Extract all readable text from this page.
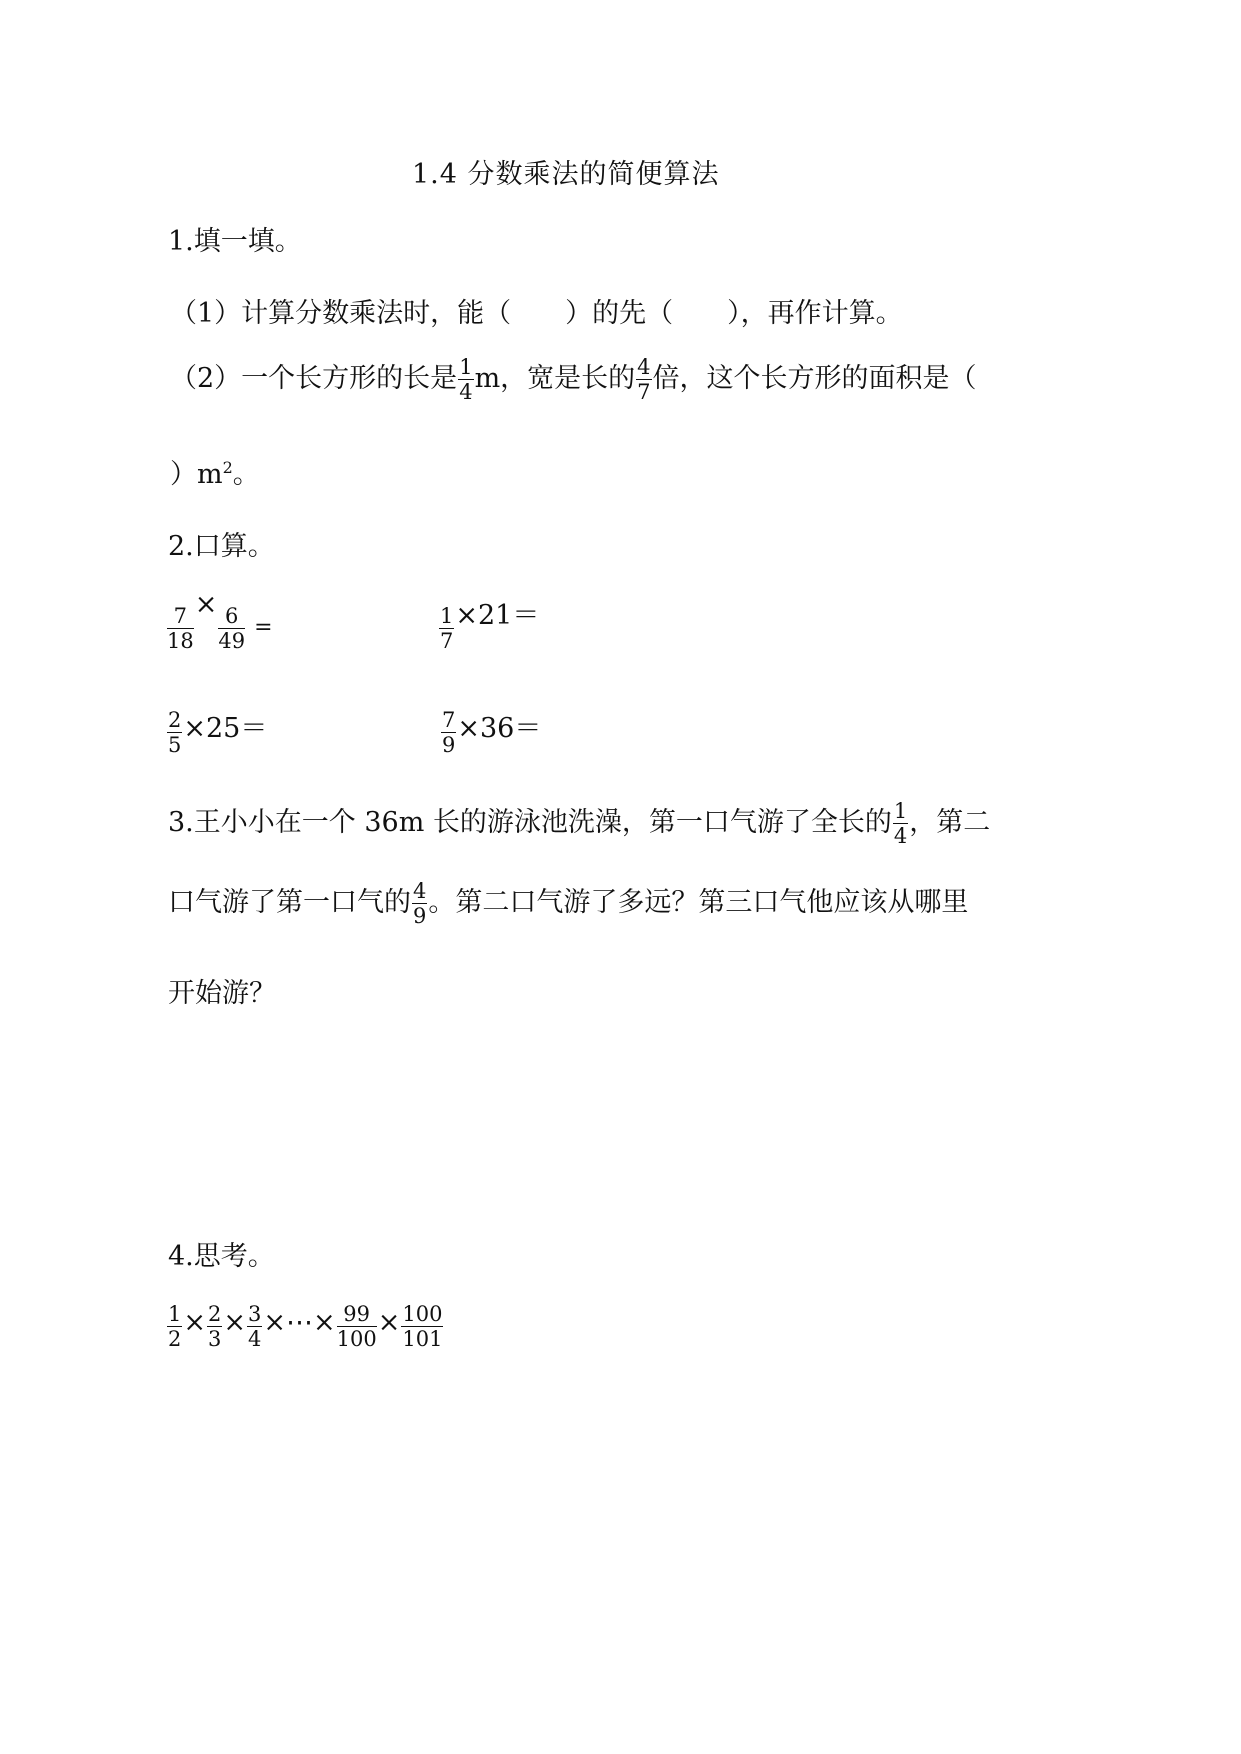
1.4 分数乘法的简便算法
1.填一填。
（1）计算分数乘法时，能（　　）的先（　　），再作计算。
（2）一个长方形的长是 $\frac{1}{4}$ m，宽是长的 $\frac{4}{7}$ 倍，这个长方形的面积是（
）$m^2$。
2.口算。
$\frac{7}{18}$
×
$\frac{6}{49}$ =	$\frac{1}{7} \times 21=$
$\frac{2}{5} \times 25=$	$\frac{7}{9} \times 36=$
3.王小小在一个 36m 长的游泳池洗澡，第一口气游了全长的 $\frac{1}{4}$ ，第二
口气游了第一口气的 $\frac{4}{9}$ 。第二口气游了多远？第三口气他应该从哪里
开始游？
4.思考。
$\frac{1}{2} \times \frac{2}{3} \times \frac{3}{4}$ ×⋯× $\frac{99}{100} \times \frac{100}{101}$
